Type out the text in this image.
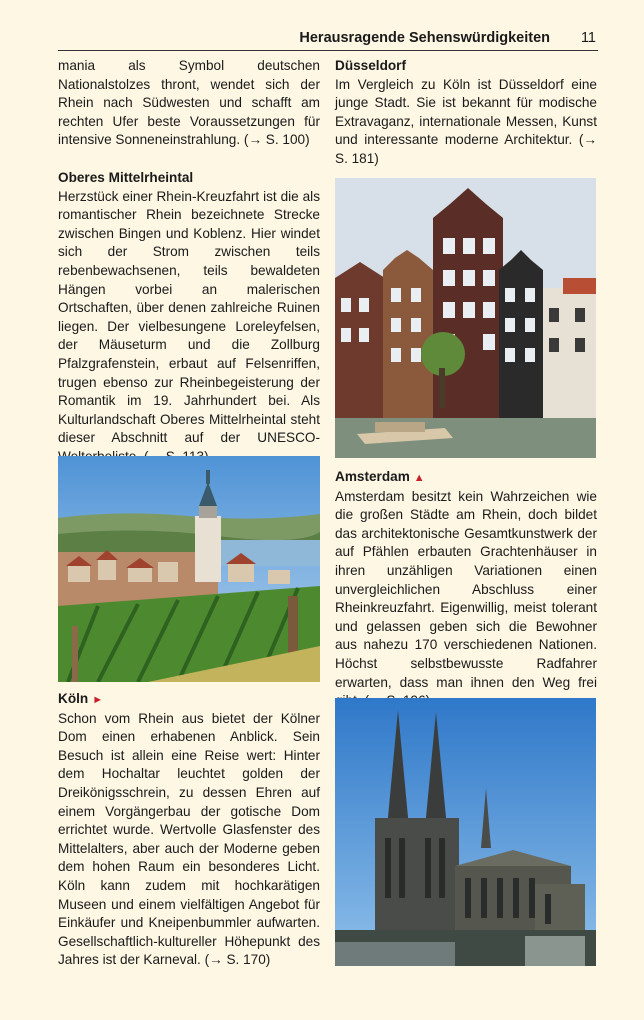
Herausragende Sehenswürdigkeiten 11

mania als Symbol deutschen Nationalstolzes thront, wendet sich der Rhein nach Südwesten und schafft am rechten Ufer beste Voraussetzungen für intensive Sonneneinstrahlung. (→ S. 100)

Oberes Mittelrheintal

Herzstück einer Rhein-Kreuzfahrt ist die als romantischer Rhein bezeichnete Strecke zwischen Bingen und Koblenz. Hier windet sich der Strom zwischen teils rebenbewachsenen, teils bewaldeten Hängen vorbei an malerischen Ortschaften, über denen zahlreiche Ruinen liegen. Der vielbesungene Loreleyfelsen, der Mäuseturm und die Zollburg Pfalzgrafenstein, erbaut auf Felsenriffen, trugen ebenso zur Rheinbegeisterung der Romantik im 19. Jahrhundert bei. Als Kulturlandschaft Oberes Mittelrheintal steht dieser Abschnitt auf der UNESCO-

Köln ►

Schon vom Rhein aus bietet der Kölner Dom einen erhabenen Anblick. Sein Besuch ist allein eine Reise wert: Hinter dem Hochaltar leuchtet golden der Dreikönigsschrein, zu dessen Ehren auf einem Vorgängerbau der gotische Dom errichtet wurde. Wertvolle Glasfenster des Mittelalters, aber auch der Moderne geben dem hohen Raum ein besonderes Licht. Köln kann zudem mit hochkarätigen Museen und einem vielfältigen Angebot für Einkäufer und Kneipenbummler aufwarten. Gesellschaftlich-kultureller Höhepunkt des Jahres ist der Karneval. (→ S. 170)

Düsseldorf

Im Vergleich zu Köln ist Düsseldorf eine junge Stadt. Sie ist bekannt für modische Extravaganz, internationale Messen, Kunst und interessante moderne Architektur. (→ S. 181)

Amsterdam ▲

Amsterdam besitzt kein Wahrzeichen wie die großen Städte am Rhein, doch bildet das architektonische Gesamtkunstwerk der auf Pfählen erbauten Grachtenhäuser in ihren unzähligen Variationen einen unvergleichlichen Abschluss einer Rheinkreuzfahrt. Eigenwillig, meist tolerant und gelassen geben sich die Bewohner aus nahezu 170 verschiedenen Nationen. Höchst selbstbewusste Radfahrer erwarten, dass man ihnen den Weg frei
